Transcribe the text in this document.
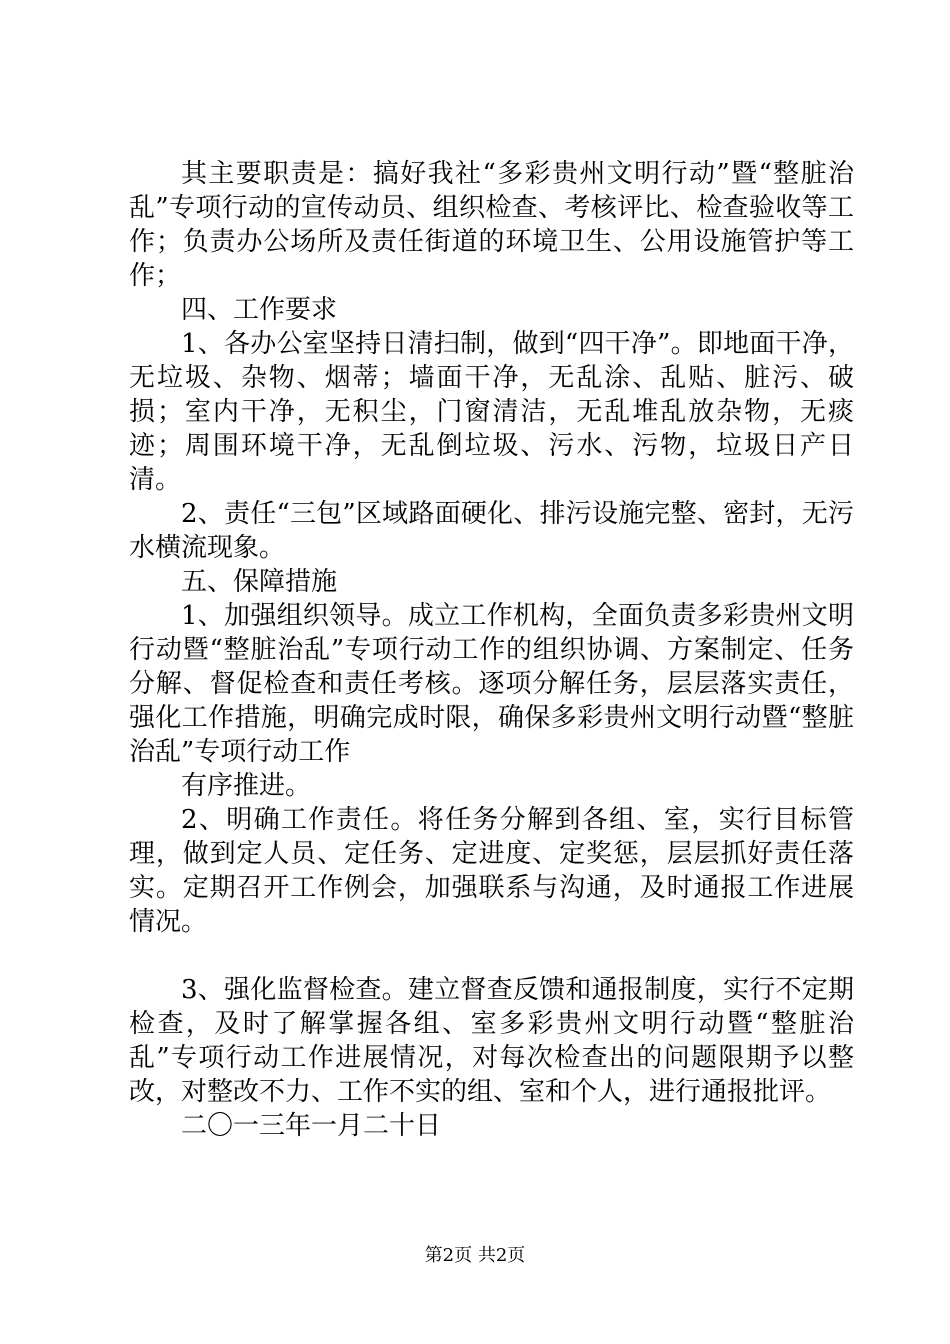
其主要职责是：搞好我社“多彩贵州文明行动”暨“整脏治乱”专项行动的宣传动员、组织检查、考核评比、检查验收等工作；负责办公场所及责任街道的环境卫生、公用设施管护等工作；

四、工作要求

1、各办公室坚持日清扫制，做到“四干净”。即地面干净，无垃圾、杂物、烟蒂；墙面干净，无乱涂、乱贴、脏污、破损；室内干净，无积尘，门窗清洁，无乱堆乱放杂物，无痰迹；周围环境干净，无乱倒垃圾、污水、污物，垃圾日产日清。

2、责任“三包”区域路面硬化、排污设施完整、密封，无污水横流现象。

五、保障措施

1、加强组织领导。成立工作机构，全面负责多彩贵州文明行动暨“整脏治乱”专项行动工作的组织协调、方案制定、任务分解、督促检查和责任考核。逐项分解任务，层层落实责任，强化工作措施，明确完成时限，确保多彩贵州文明行动暨“整脏治乱”专项行动工作

有序推进。

2、明确工作责任。将任务分解到各组、室，实行目标管理，做到定人员、定任务、定进度、定奖惩，层层抓好责任落实。定期召开工作例会，加强联系与沟通，及时通报工作进展情况。

3、强化监督检查。建立督查反馈和通报制度，实行不定期检查，及时了解掌握各组、室多彩贵州文明行动暨“整脏治乱”专项行动工作进展情况，对每次检查出的问题限期予以整改，对整改不力、工作不实的组、室和个人，进行通报批评。

二〇一三年一月二十日

第2页 共2页
